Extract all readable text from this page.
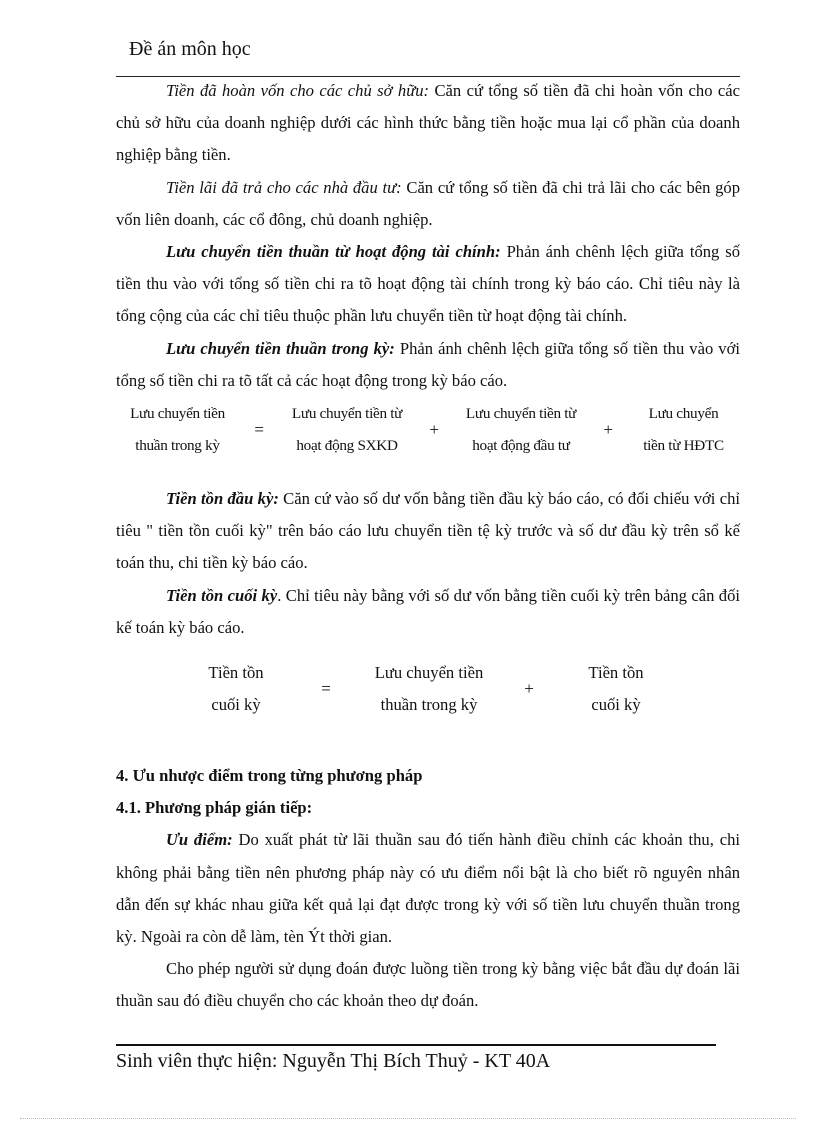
Đề án môn học

Tiền đã hoàn vốn cho các chủ sở hữu: Căn cứ tổng số tiền đã chi hoàn vốn cho các chủ sở hữu của doanh nghiệp dưới các hình thức bằng tiền hoặc mua lại cổ phần của doanh nghiệp bằng tiền.

Tiền lãi đã trả cho các nhà đầu tư: Căn cứ tổng số tiền đã chi trả lãi cho các bên góp vốn liên doanh, các cổ đông, chủ doanh nghiệp.

Lưu chuyển tiền thuần từ hoạt động tài chính: Phản ánh chênh lệch giữa tổng số tiền thu vào với tổng số tiền chi ra tõ hoạt động tài chính trong kỳ báo cáo. Chỉ tiêu này là tổng cộng của các chỉ tiêu thuộc phần lưu chuyển tiền từ hoạt động tài chính.

Lưu chuyển tiền thuần trong kỳ: Phản ánh chênh lệch giữa tổng số tiền thu vào với tổng số tiền chi ra tõ tất cả các hoạt động trong kỳ báo cáo.

Lưu chuyển tiền
thuần trong kỳ
=
Lưu chuyển tiền từ
hoạt động SXKD
+
Lưu chuyển tiền từ
hoạt động đầu tư
+
Lưu chuyển
tiền từ HĐTC

Tiền tồn đầu kỳ: Căn cứ vào số dư vốn bằng tiền đầu kỳ báo cáo, có đối chiếu với chỉ tiêu " tiền tồn cuối kỳ" trên báo cáo lưu chuyển tiền tệ kỳ trước và số dư đầu kỳ trên sổ kế toán thu, chi tiền kỳ báo cáo.

Tiền tồn cuối kỳ. Chỉ tiêu này bằng với số dư vốn bằng tiền cuối kỳ trên bảng cân đối kế toán kỳ báo cáo.

Tiền tồn
cuối kỳ
=
Lưu chuyển tiền
thuần trong kỳ
+
Tiền tồn
cuối kỳ

4. Ưu nhược điểm trong từng phương pháp

4.1. Phương pháp gián tiếp:

Ưu điểm: Do xuất phát từ lãi thuần sau đó tiến hành điều chỉnh các khoản thu, chi không phải bằng tiền nên phương pháp này có ưu điểm nổi bật là cho biết rõ nguyên nhân dẫn đến sự khác nhau giữa kết quả lại đạt được trong kỳ với số tiền lưu chuyển thuần trong kỳ. Ngoài ra còn dễ làm, tèn Ýt thời gian.

Cho phép người sử dụng đoán được luồng tiền trong kỳ bằng việc bắt đầu dự đoán lãi thuần sau đó điều chuyển cho các khoản theo dự đoán.

Sinh viên thực hiện: Nguyễn Thị Bích Thuỷ - KT 40A
